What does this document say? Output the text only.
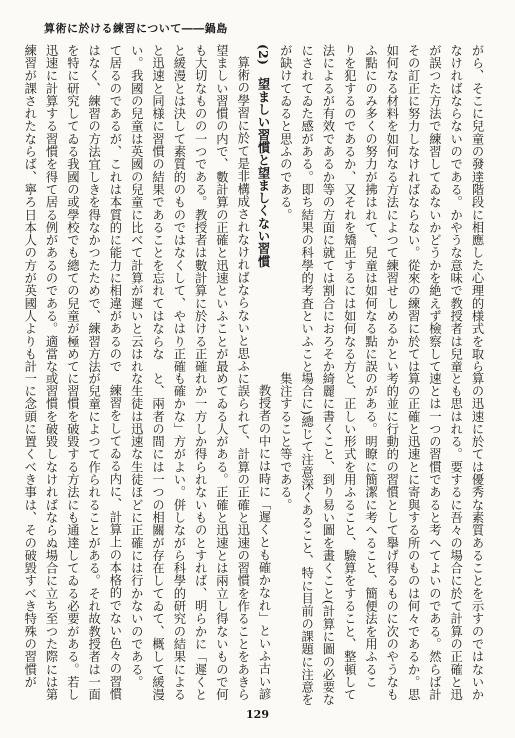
算術に於ける練習について――鍋島

がら、そこに兒童の發達階段に相應した心理的様式を取らなければならないのである。かやうな意味で教授者は兒童が誤つた方法で練習してゐないかどうかを絶えず檢察してその訂正に努力しなければならない。從來の練習に於ては如何なる材料を如何なる方法によつて練習せしめるかといふ點にのみ多くの努力が拂はれて、兒童は如何なる點に誤りを犯するのであるか、又それを矯正するには如何なる方法によるが有效であるか等の方面に就ては割合におろそかにされてゐた感がある。即ち結果の科學的考査といふことが缺けてゐると思ふのである。

(2)　望ましい習慣と望ましくない習慣

算術の學習に於て是非構成されなければならないと思ふ望ましい習慣の内で、數計算の正確と迅速といふことが最も大切なものの一つである。教授者は數計算に於ける正確と緩漫とは決して素質的のものではなくして、やはり正確と迅速と同様に習慣の結果であることを忘れてはならない。我國の兒童は英國の兒童に比べて計算が遲いと云はれて居るのであるが、これは本質的に能力に相違があるのではなく、練習の方法宜しきを得なかつたためで、練習方法を特に研究してゐる我國の或學校でも總ての兒童が極めて迅速に計算する習慣を得て居る例があるのである。適當な練習が課されたならば、寧ろ日本人の方が英國人よりも計

算の迅速に於ては優秀な素質あることを示すのではないかとも思はれる。要するに吾々の場合に於て計算の正確と迅速とは一つの習慣であると考へてよいのである。然らば計算の正確と迅速とに寄與する所のものは何々であるか。思考的並に行動的の習慣として擧げ得るものに次のやうなものがある。明瞭に簡潔に考へること、簡便法を用ふること、正しい形式を用ふること、驗算をすること、整頓して綺麗に書くこと、到り易い圖を畫くこと(計算に圖の必要な場合に)總じて注意深くあること、特に目前の課題に注意を集注すること等である。

教授者の中には時に「遲くとも確かなれ」といふ古い諺に誤られて、計算の正確と迅速の習慣を作ることをあきらめてゐる人がある。正確と迅速とは兩立し得ないもので何れか一方しか得られないものとすれば、明らかに「遲くとも確かな」方がよい。併しながら科學的研究の結果によると、兩者の間には一つの相關が存在してゐて、概して緩漫な生徒は迅速な生徒ほどに正確には行かないのである。

練習をしてゐる内に、計算上の本格的でない色々の習慣が兒童によつて作られることがある。それ故教授者は一面に習慣を破毀する方法にも通達してゐる必要がある。若し或習慣を破毀しなければならぬ場合に立ち至つた際には第一に念頭に置くべき事は、その破毀すべき特殊の習慣が

129
